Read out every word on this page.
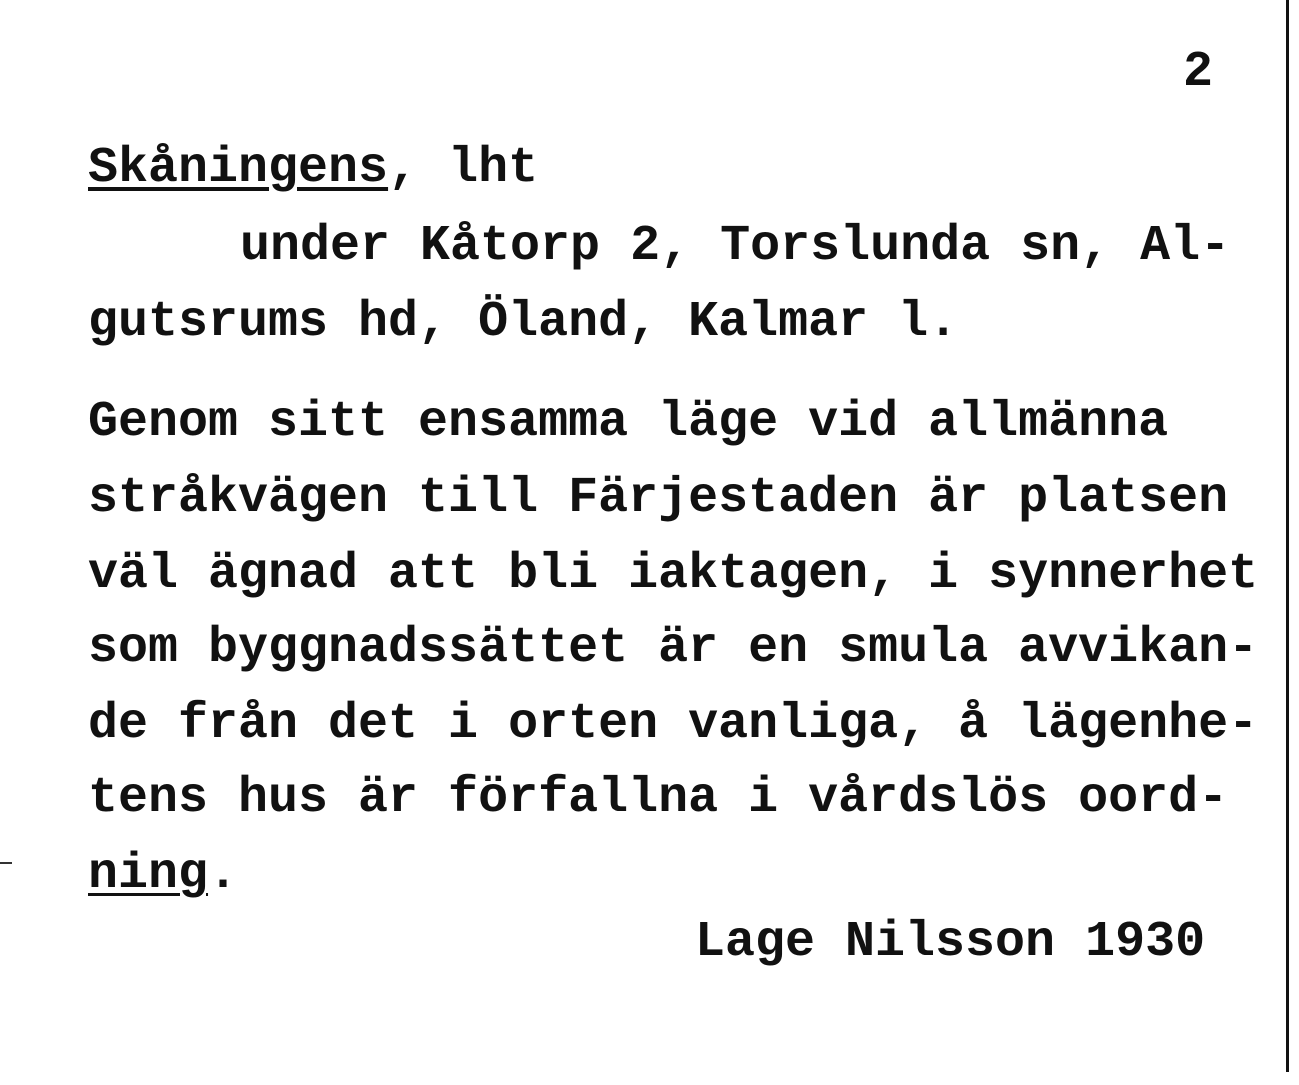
2
Skåningens, lht
under Kåtorp 2, Torslunda sn, Al-
gutsrums hd, Öland, Kalmar l.
Genom sitt ensamma läge vid allmänna
stråkvägen till Färjestaden är platsen
väl ägnad att bli iaktagen, i synnerhet
som byggnadssättet är en smula avvikan-
de från det i orten vanliga, å lägenhe-
tens hus är förfallna i vårdslös oord-
ning.
Lage Nilsson 1930
